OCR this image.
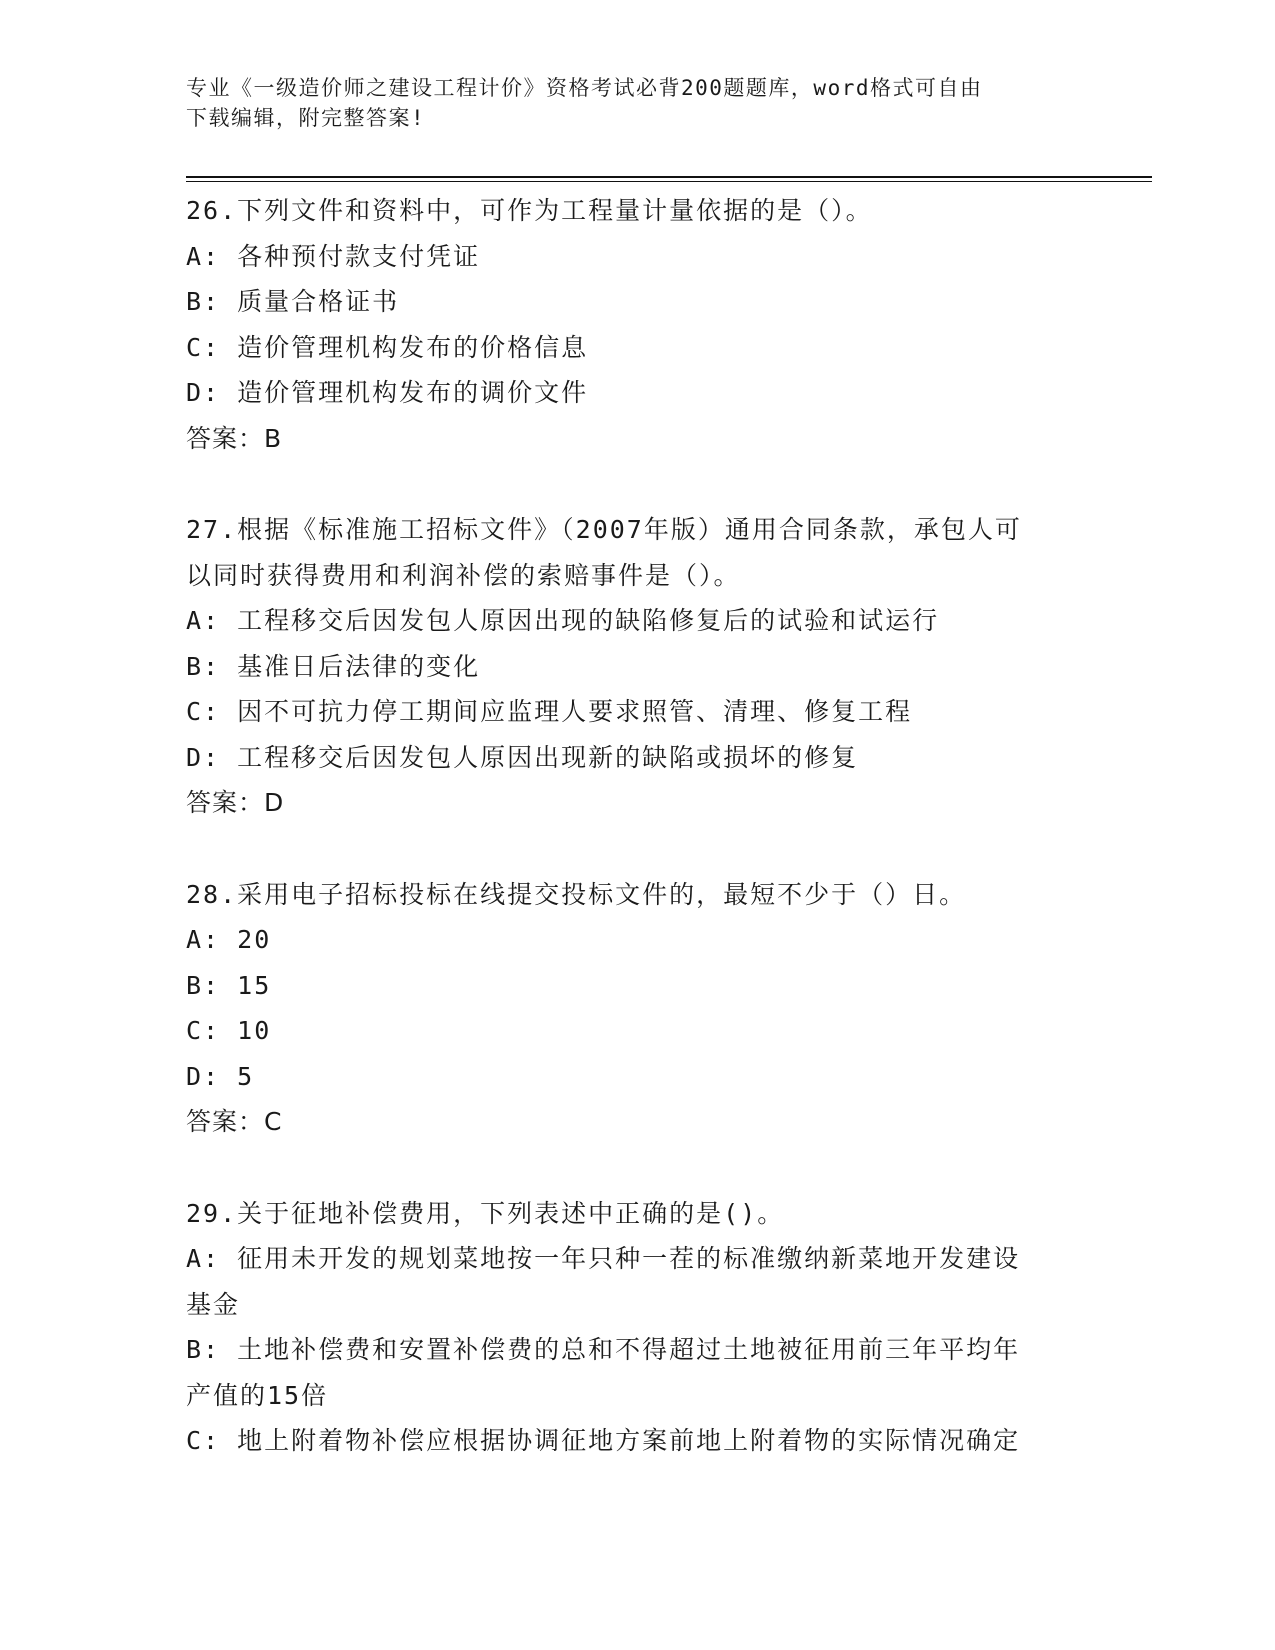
专业《一级造价师之建设工程计价》资格考试必背200题题库，word格式可自由
下载编辑，附完整答案!
26.下列文件和资料中，可作为工程量计量依据的是（）。
A: 各种预付款支付凭证
B: 质量合格证书
C: 造价管理机构发布的价格信息
D: 造价管理机构发布的调价文件
答案：B
27.根据《标准施工招标文件》（2007年版）通用合同条款，承包人可
以同时获得费用和利润补偿的索赔事件是（）。
A: 工程移交后因发包人原因出现的缺陷修复后的试验和试运行
B: 基准日后法律的变化
C: 因不可抗力停工期间应监理人要求照管、清理、修复工程
D: 工程移交后因发包人原因出现新的缺陷或损坏的修复
答案：D
28.采用电子招标投标在线提交投标文件的，最短不少于（）日。
A: 20
B: 15
C: 10
D: 5
答案：C
29.关于征地补偿费用，下列表述中正确的是()。
A: 征用未开发的规划菜地按一年只种一茬的标准缴纳新菜地开发建设
基金
B: 土地补偿费和安置补偿费的总和不得超过土地被征用前三年平均年
产值的15倍
C: 地上附着物补偿应根据协调征地方案前地上附着物的实际情况确定
